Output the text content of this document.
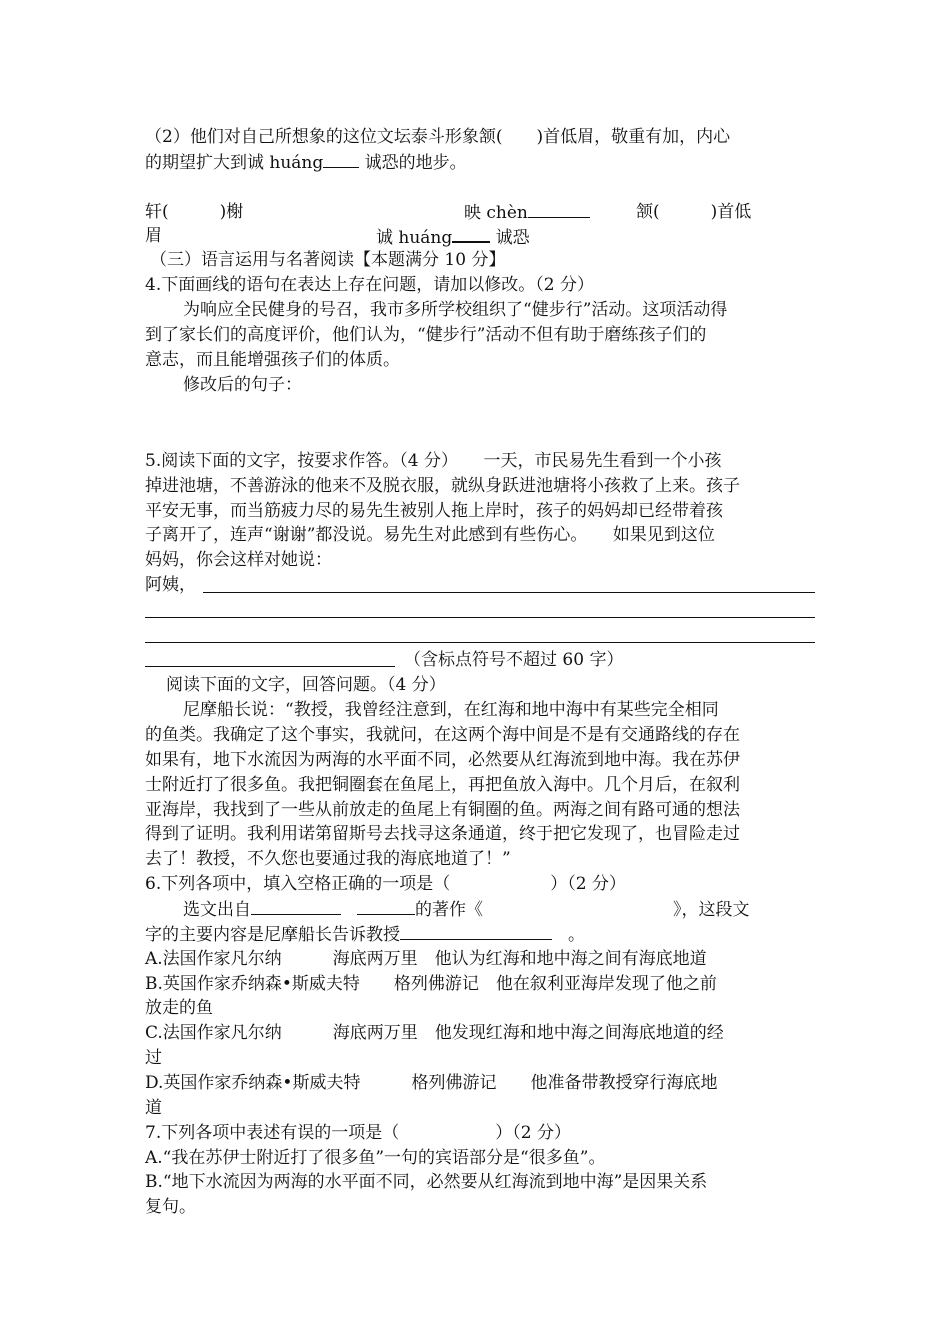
（2）他们对自己所想象的这位文坛泰斗形象颔(　　)首低眉，敬重有加，内心
的期望扩大到诚 huáng 诚恐的地步。
轩(　　　)榭	映 chèn	颔(　　　)首低
眉	诚 huáng 诚恐
（三）语言运用与名著阅读【本题满分 10 分】
4.下面画线的语句在表达上存在问题，请加以修改。（2 分）
为响应全民健身的号召，我市多所学校组织了“健步行”活动。这项活动得
到了家长们的高度评价，他们认为，“健步行”活动不但有助于磨练孩子们的
意志，而且能增强孩子们的体质。
修改后的句子：
5.阅读下面的文字，按要求作答。（4 分）　　一天，市民易先生看到一个小孩
掉进池塘，不善游泳的他来不及脱衣服，就纵身跃进池塘将小孩救了上来。孩子
平安无事，而当筋疲力尽的易先生被别人拖上岸时，孩子的妈妈却已经带着孩
子离开了，连声“谢谢”都没说。易先生对此感到有些伤心。　　如果见到这位
妈妈，你会这样对她说：
阿姨，
（含标点符号不超过 60 字）
阅读下面的文字，回答问题。（4 分）
尼摩船长说：“教授，我曾经注意到，在红海和地中海中有某些完全相同
的鱼类。我确定了这个事实，我就问，在这两个海中间是不是有交通路线的存在
如果有，地下水流因为两海的水平面不同，必然要从红海流到地中海。我在苏伊
士附近打了很多鱼。我把铜圈套在鱼尾上，再把鱼放入海中。几个月后，在叙利
亚海岸，我找到了一些从前放走的鱼尾上有铜圈的鱼。两海之间有路可通的想法
得到了证明。我利用诺第留斯号去找寻这条通道，终于把它发现了，也冒险走过
去了！教授，不久您也要通过我的海底地道了！”
6.下列各项中，填入空格正确的一项是（	）（2 分）
选文出自	的著作《	》，这段文
字的主要内容是尼摩船长告诉教授	。
A.法国作家凡尔纳　　　海底两万里　他认为红海和地中海之间有海底地道
B.英国作家乔纳森•斯威夫特　　格列佛游记　他在叙利亚海岸发现了他之前
放走的鱼
C.法国作家凡尔纳　　　海底两万里　他发现红海和地中海之间海底地道的经
过
D.英国作家乔纳森•斯威夫特　　　格列佛游记　　他准备带教授穿行海底地
道
7.下列各项中表述有误的一项是（	）（2 分）
A.“我在苏伊士附近打了很多鱼”一句的宾语部分是“很多鱼”。
B.“地下水流因为两海的水平面不同，必然要从红海流到地中海”是因果关系
复句。
